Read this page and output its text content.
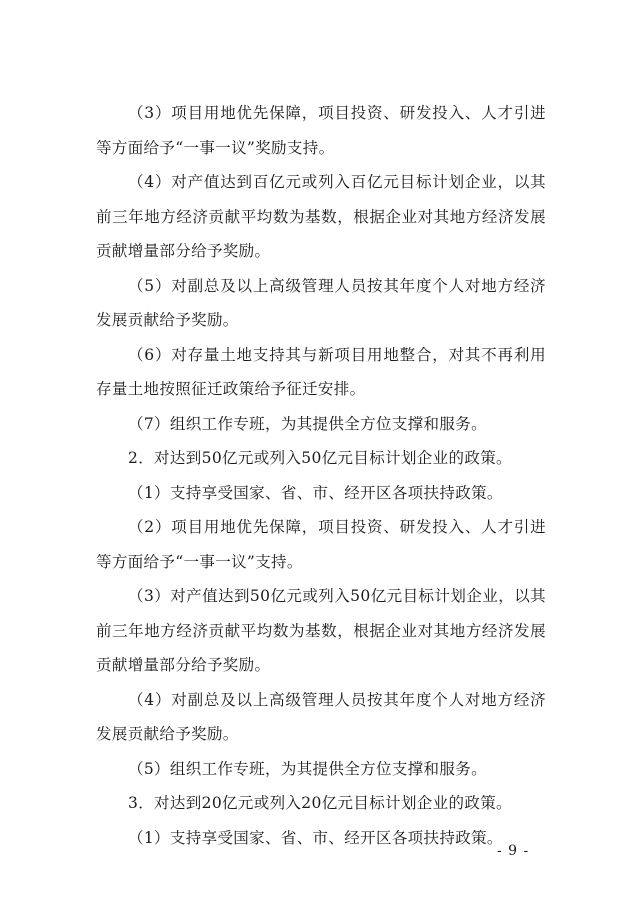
（3）项目用地优先保障，项目投资、研发投入、人才引进等方面给予“一事一议”奖励支持。

（4）对产值达到百亿元或列入百亿元目标计划企业，以其前三年地方经济贡献平均数为基数，根据企业对其地方经济发展贡献增量部分给予奖励。

（5）对副总及以上高级管理人员按其年度个人对地方经济发展贡献给予奖励。

（6）对存量土地支持其与新项目用地整合，对其不再利用存量土地按照征迁政策给予征迁安排。

（7）组织工作专班，为其提供全方位支撑和服务。

2．对达到50亿元或列入50亿元目标计划企业的政策。

（1）支持享受国家、省、市、经开区各项扶持政策。

（2）项目用地优先保障，项目投资、研发投入、人才引进等方面给予“一事一议”支持。

（3）对产值达到50亿元或列入50亿元目标计划企业，以其前三年地方经济贡献平均数为基数，根据企业对其地方经济发展贡献增量部分给予奖励。

（4）对副总及以上高级管理人员按其年度个人对地方经济发展贡献给予奖励。

（5）组织工作专班，为其提供全方位支撑和服务。

3．对达到20亿元或列入20亿元目标计划企业的政策。

（1）支持享受国家、省、市、经开区各项扶持政策。

- 9 -
